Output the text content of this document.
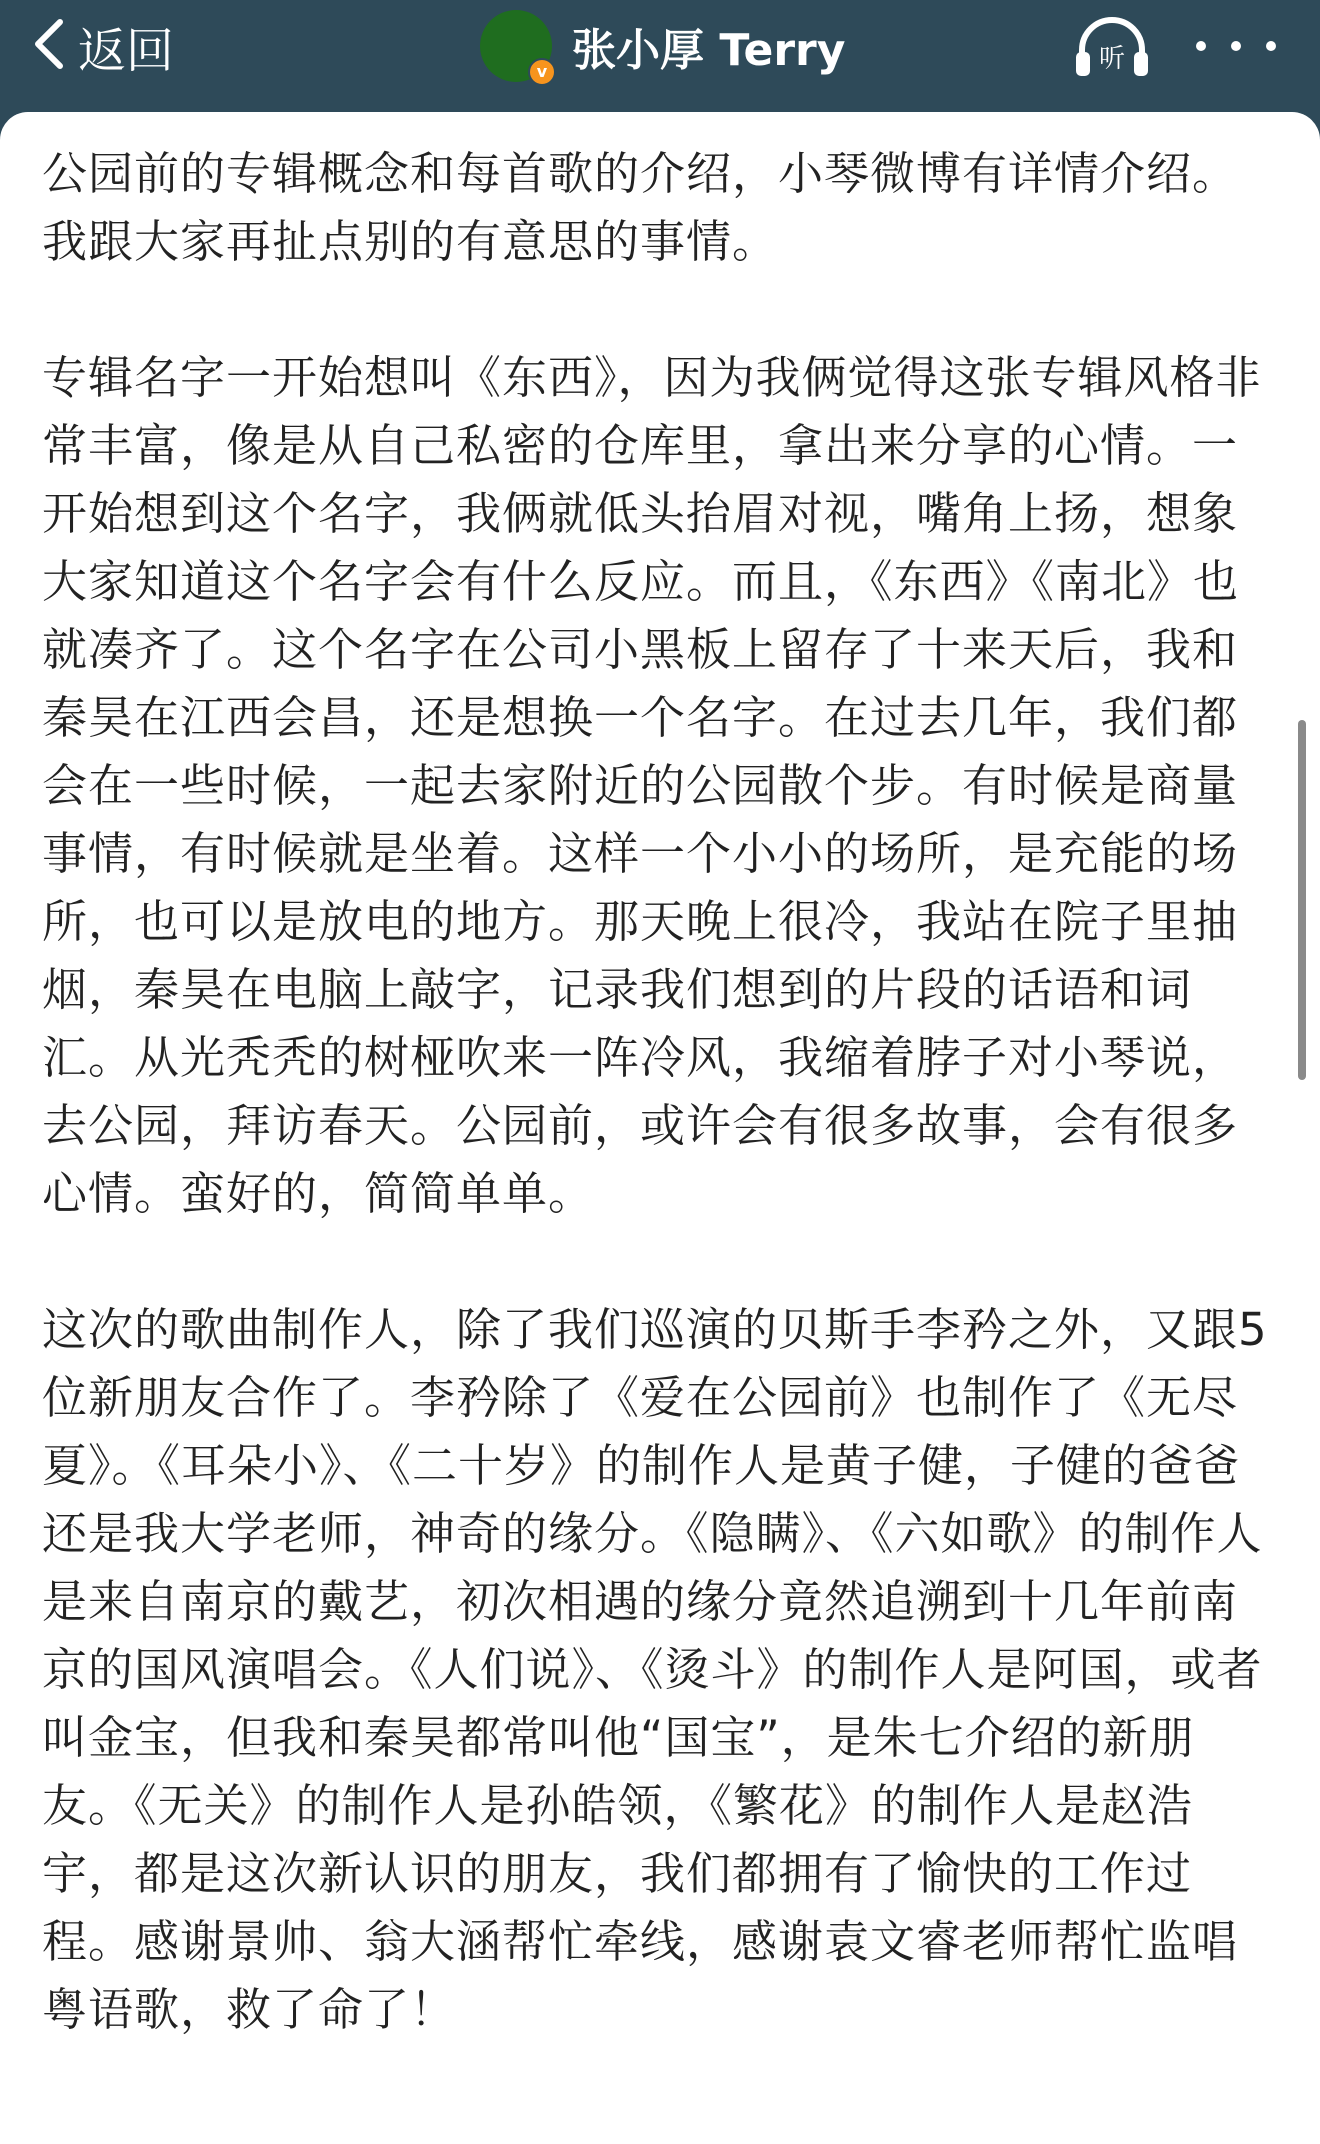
返回	v 张小厚 Terry	听

公园前的专辑概念和每首歌的介绍，小琴微博有详情介绍。我跟大家再扯点别的有意思的事情。

专辑名字一开始想叫《东西》，因为我俩觉得这张专辑风格非常丰富，像是从自己私密的仓库里，拿出来分享的心情。一开始想到这个名字，我俩就低头抬眉对视，嘴角上扬，想象大家知道这个名字会有什么反应。而且，《东西》《南北》也就凑齐了。这个名字在公司小黑板上留存了十来天后，我和秦昊在江西会昌，还是想换一个名字。在过去几年，我们都会在一些时候，一起去家附近的公园散个步。有时候是商量事情，有时候就是坐着。这样一个小小的场所，是充能的场所，也可以是放电的地方。那天晚上很冷，我站在院子里抽烟，秦昊在电脑上敲字，记录我们想到的片段的话语和词汇。从光秃秃的树桠吹来一阵冷风，我缩着脖子对小琴说，去公园，拜访春天。公园前，或许会有很多故事，会有很多心情。蛮好的，简简单单。

这次的歌曲制作人，除了我们巡演的贝斯手李矜之外，又跟5位新朋友合作了。李矜除了《爱在公园前》也制作了《无尽夏》。《耳朵小》、《二十岁》的制作人是黄子健，子健的爸爸还是我大学老师，神奇的缘分。《隐瞒》、《六如歌》的制作人是来自南京的戴艺，初次相遇的缘分竟然追溯到十几年前南京的国风演唱会。《人们说》、《烫斗》的制作人是阿国，或者叫金宝，但我和秦昊都常叫他“国宝”，是朱七介绍的新朋友。《无关》的制作人是孙皓领，《繁花》的制作人是赵浩宇，都是这次新认识的朋友，我们都拥有了愉快的工作过程。感谢景帅、翁大涵帮忙牵线，感谢袁文睿老师帮忙监唱粤语歌，救了命了！
